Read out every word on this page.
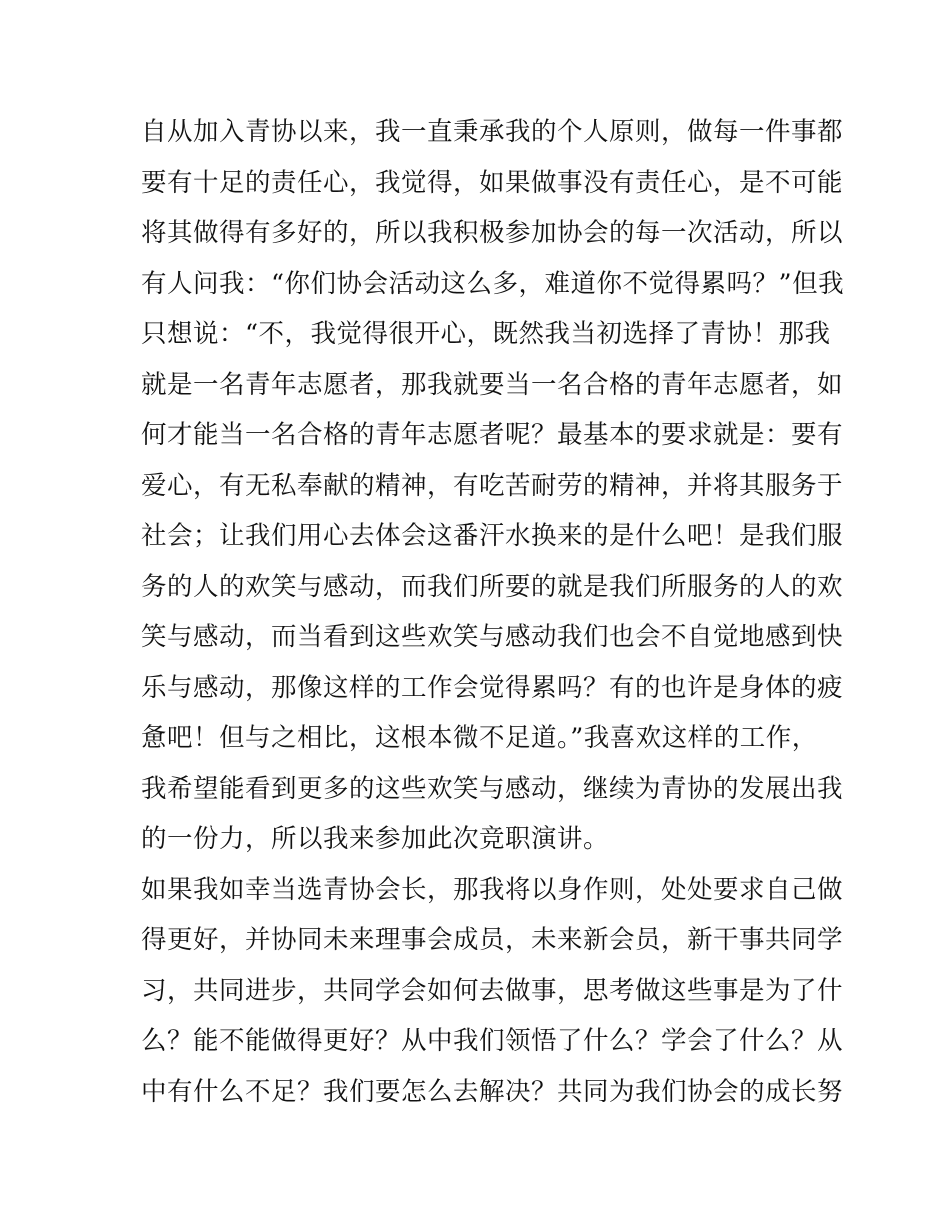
自从加入青协以来，我一直秉承我的个人原则，做每一件事都
要有十足的责任心，我觉得，如果做事没有责任心，是不可能
将其做得有多好的，所以我积极参加协会的每一次活动，所以
有人问我：“你们协会活动这么多，难道你不觉得累吗？”但我
只想说：“不，我觉得很开心，既然我当初选择了青协！那我
就是一名青年志愿者，那我就要当一名合格的青年志愿者，如
何才能当一名合格的青年志愿者呢？最基本的要求就是：要有
爱心，有无私奉献的精神，有吃苦耐劳的精神，并将其服务于
社会；让我们用心去体会这番汗水换来的是什么吧！是我们服
务的人的欢笑与感动，而我们所要的就是我们所服务的人的欢
笑与感动，而当看到这些欢笑与感动我们也会不自觉地感到快
乐与感动，那像这样的工作会觉得累吗？有的也许是身体的疲
惫吧！但与之相比，这根本微不足道。”我喜欢这样的工作，
我希望能看到更多的这些欢笑与感动，继续为青协的发展出我
的一份力，所以我来参加此次竞职演讲。
如果我如幸当选青协会长，那我将以身作则，处处要求自己做
得更好，并协同未来理事会成员，未来新会员，新干事共同学
习，共同进步，共同学会如何去做事，思考做这些事是为了什
么？能不能做得更好？从中我们领悟了什么？学会了什么？从
中有什么不足？我们要怎么去解决？共同为我们协会的成长努
